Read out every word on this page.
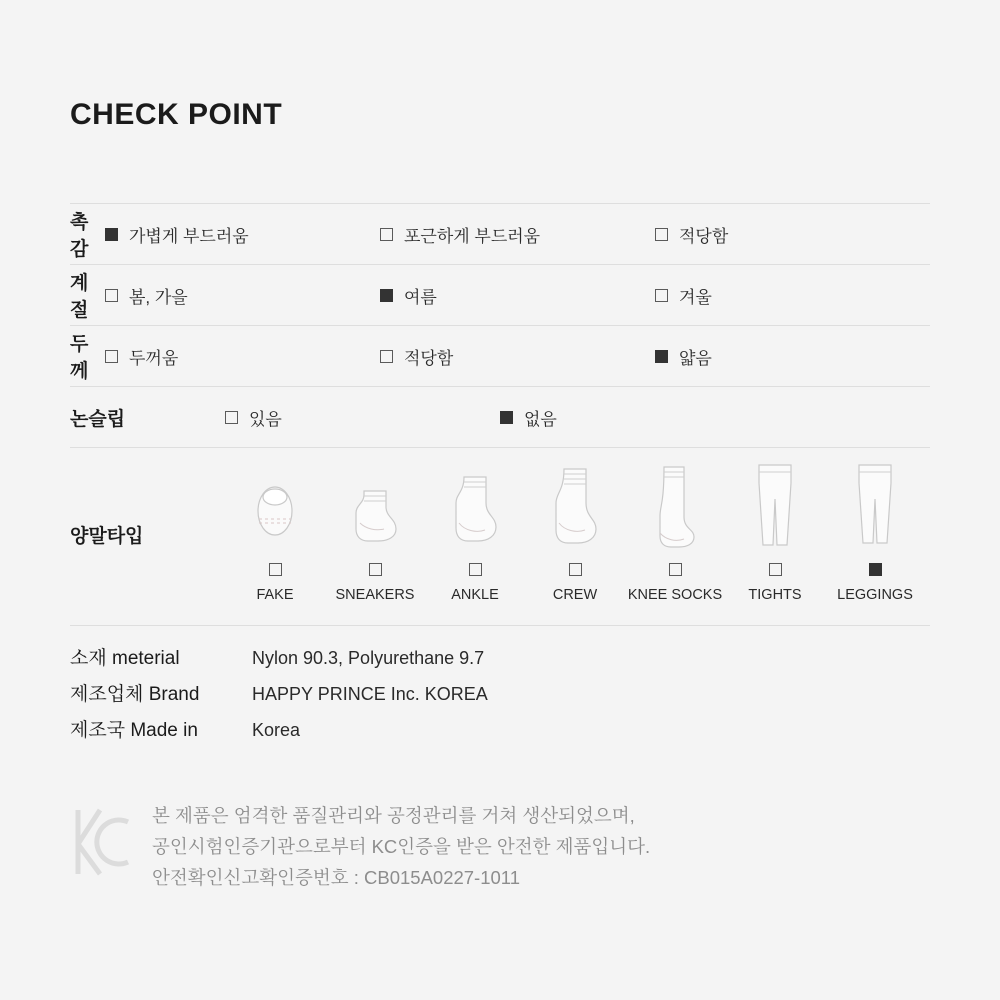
CHECK POINT
촉감
가볍게 부드러움	포근하게 부드러움	적당함
계절
봄, 가을	여름	겨울
두께
두꺼움	적당함	얇음
논슬립	있음	없음
양말타입
FAKE	SNEAKERS	ANKLE	CREW	KNEE SOCKS	TIGHTS	LEGGINGS
소재 meterial	Nylon 90.3, Polyurethane 9.7
제조업체 Brand	HAPPY PRINCE Inc. KOREA
제조국 Made in	Korea
본 제품은 엄격한 품질관리와 공정관리를 거쳐 생산되었으며,
공인시험인증기관으로부터 KC인증을 받은 안전한 제품입니다.
안전확인신고확인증번호 : CB015A0227-1011
